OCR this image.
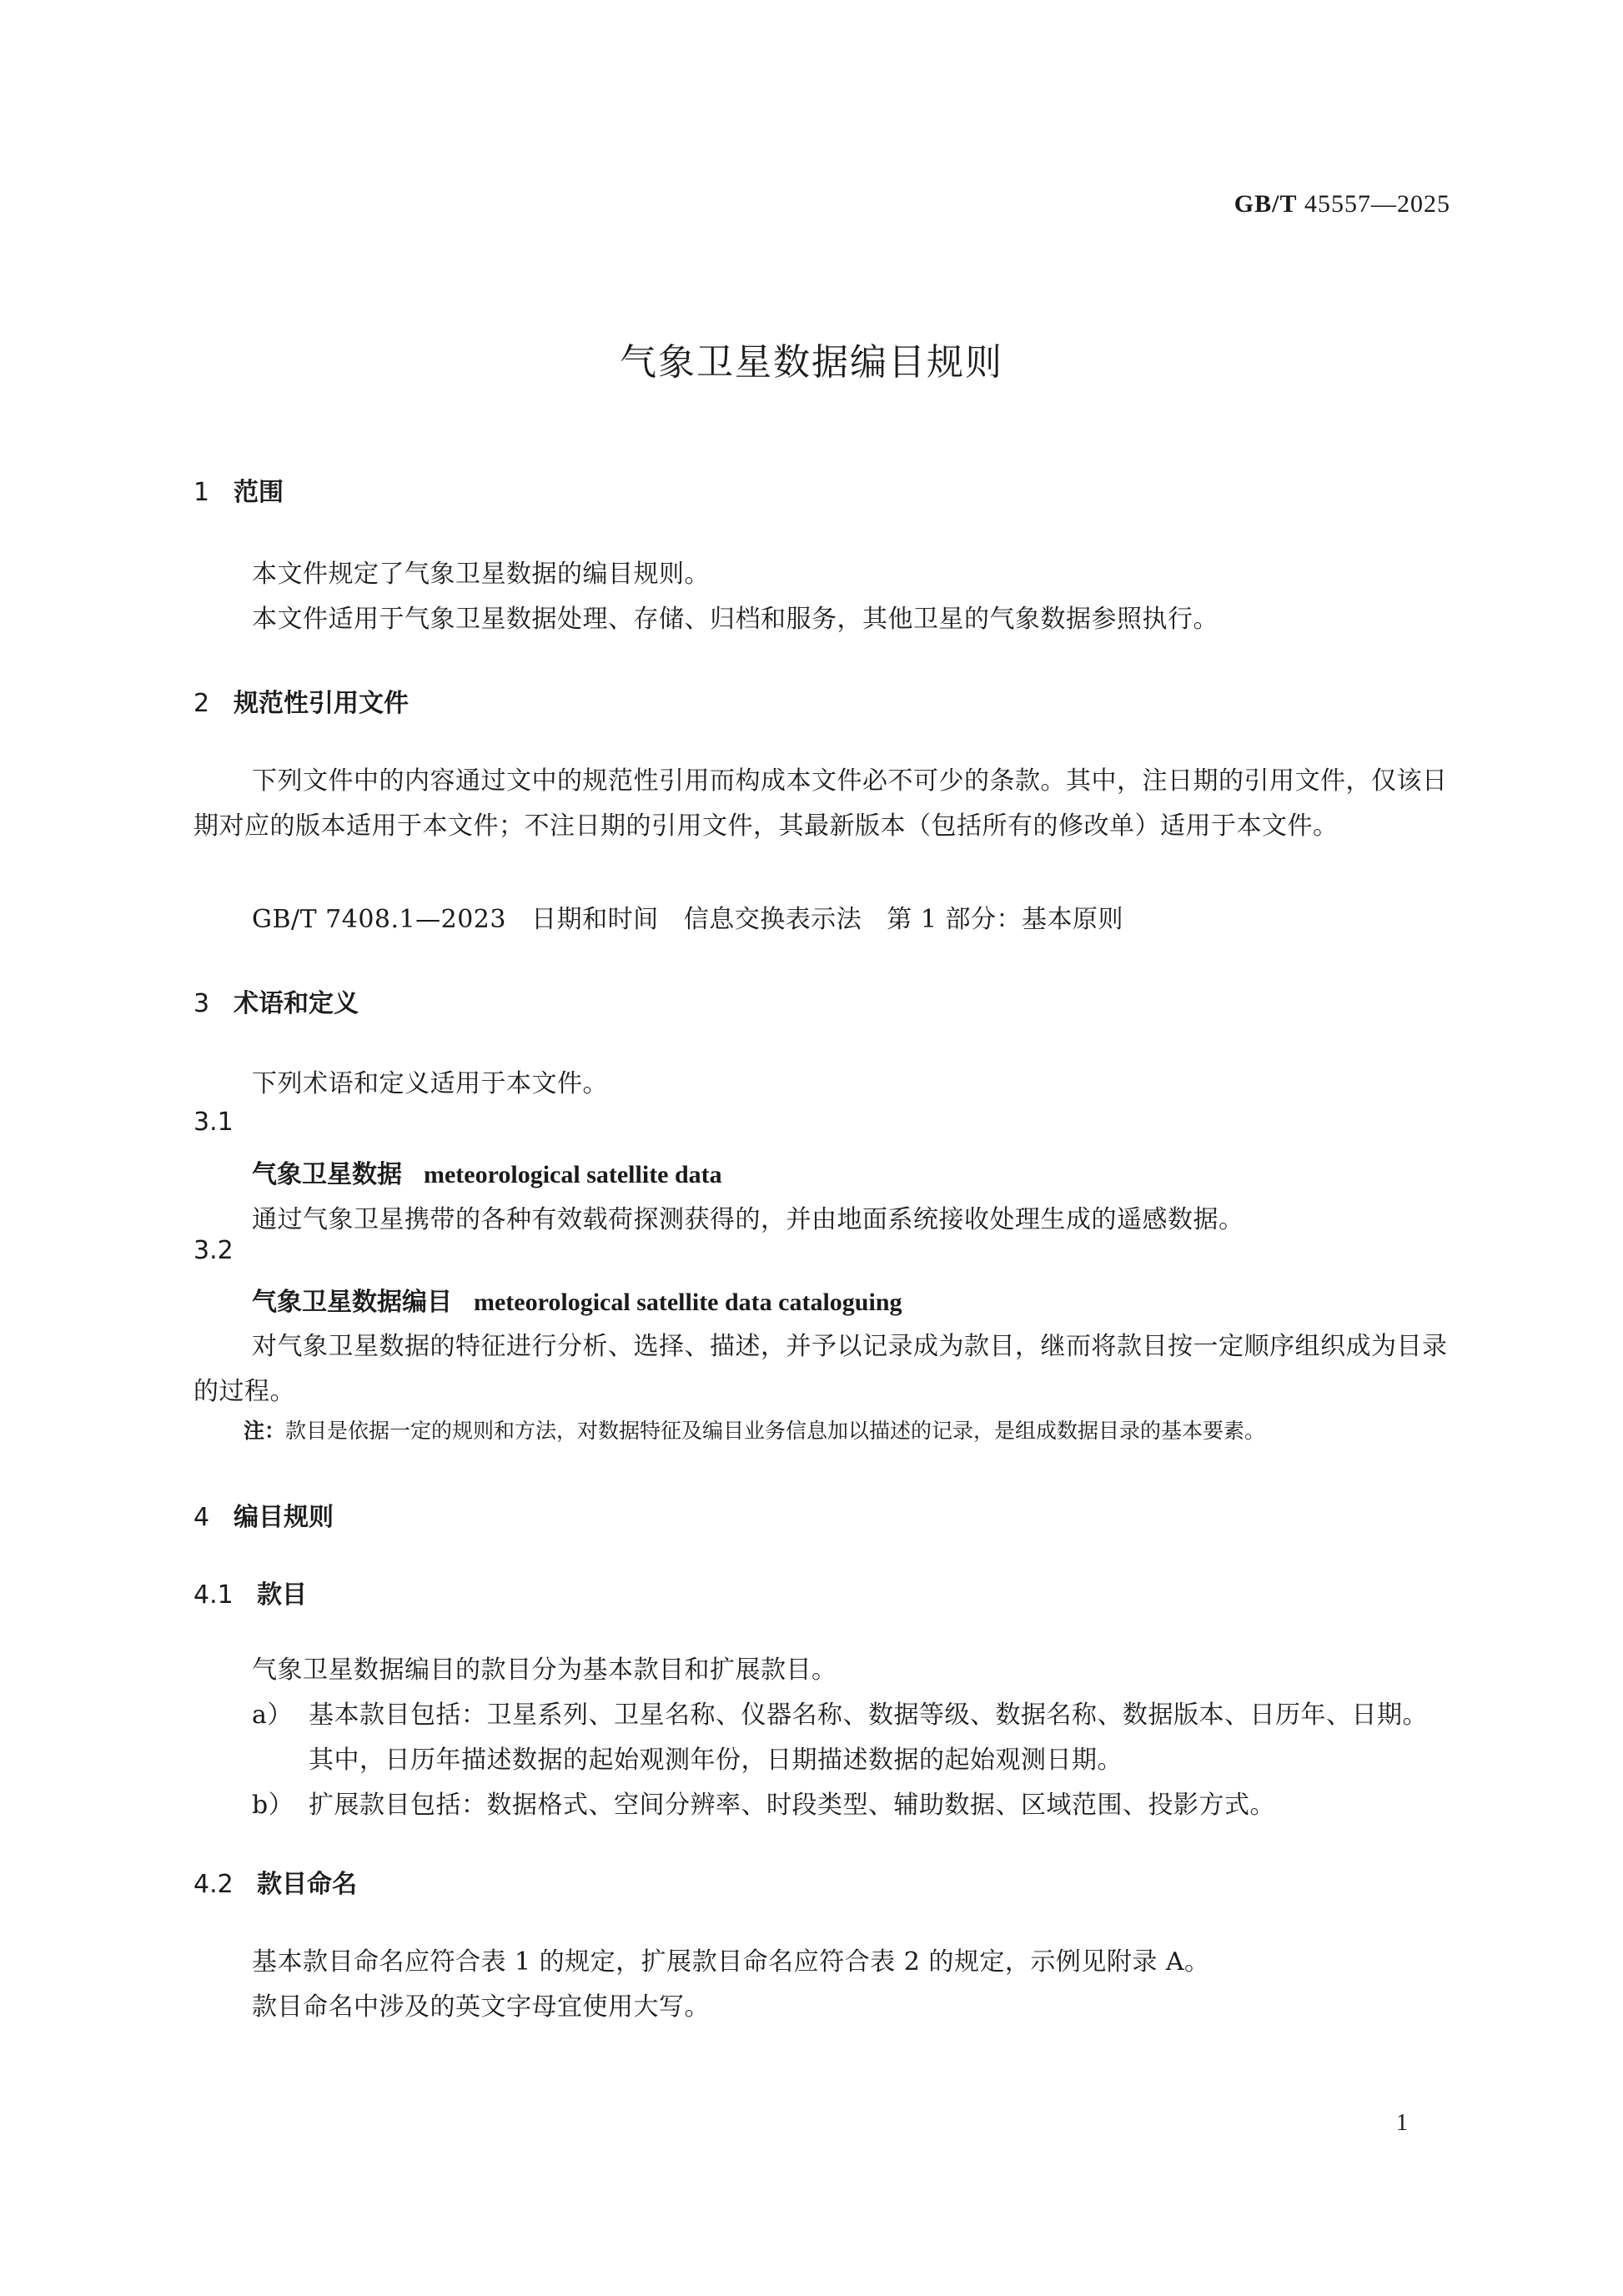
GB/T 45557—2025
气象卫星数据编目规则
1 范围
本文件规定了气象卫星数据的编目规则。
本文件适用于气象卫星数据处理、存储、归档和服务，其他卫星的气象数据参照执行。
2 规范性引用文件
下列文件中的内容通过文中的规范性引用而构成本文件必不可少的条款。其中，注日期的引用文件，仅该日期对应的版本适用于本文件；不注日期的引用文件，其最新版本（包括所有的修改单）适用于本文件。
GB/T 7408.1—2023   日期和时间   信息交换表示法   第 1 部分：基本原则
3 术语和定义
下列术语和定义适用于本文件。
3.1
气象卫星数据 meteorological satellite data
通过气象卫星携带的各种有效载荷探测获得的，并由地面系统接收处理生成的遥感数据。
3.2
气象卫星数据编目 meteorological satellite data cataloguing
对气象卫星数据的特征进行分析、选择、描述，并予以记录成为款目，继而将款目按一定顺序组织成为目录的过程。
注：款目是依据一定的规则和方法，对数据特征及编目业务信息加以描述的记录，是组成数据目录的基本要素。
4 编目规则
4.1 款目
气象卫星数据编目的款目分为基本款目和扩展款目。
a） 基本款目包括：卫星系列、卫星名称、仪器名称、数据等级、数据名称、数据版本、日历年、日期。
其中，日历年描述数据的起始观测年份，日期描述数据的起始观测日期。
b） 扩展款目包括：数据格式、空间分辨率、时段类型、辅助数据、区域范围、投影方式。
4.2 款目命名
基本款目命名应符合表 1 的规定，扩展款目命名应符合表 2 的规定，示例见附录 A。
款目命名中涉及的英文字母宜使用大写。
1
